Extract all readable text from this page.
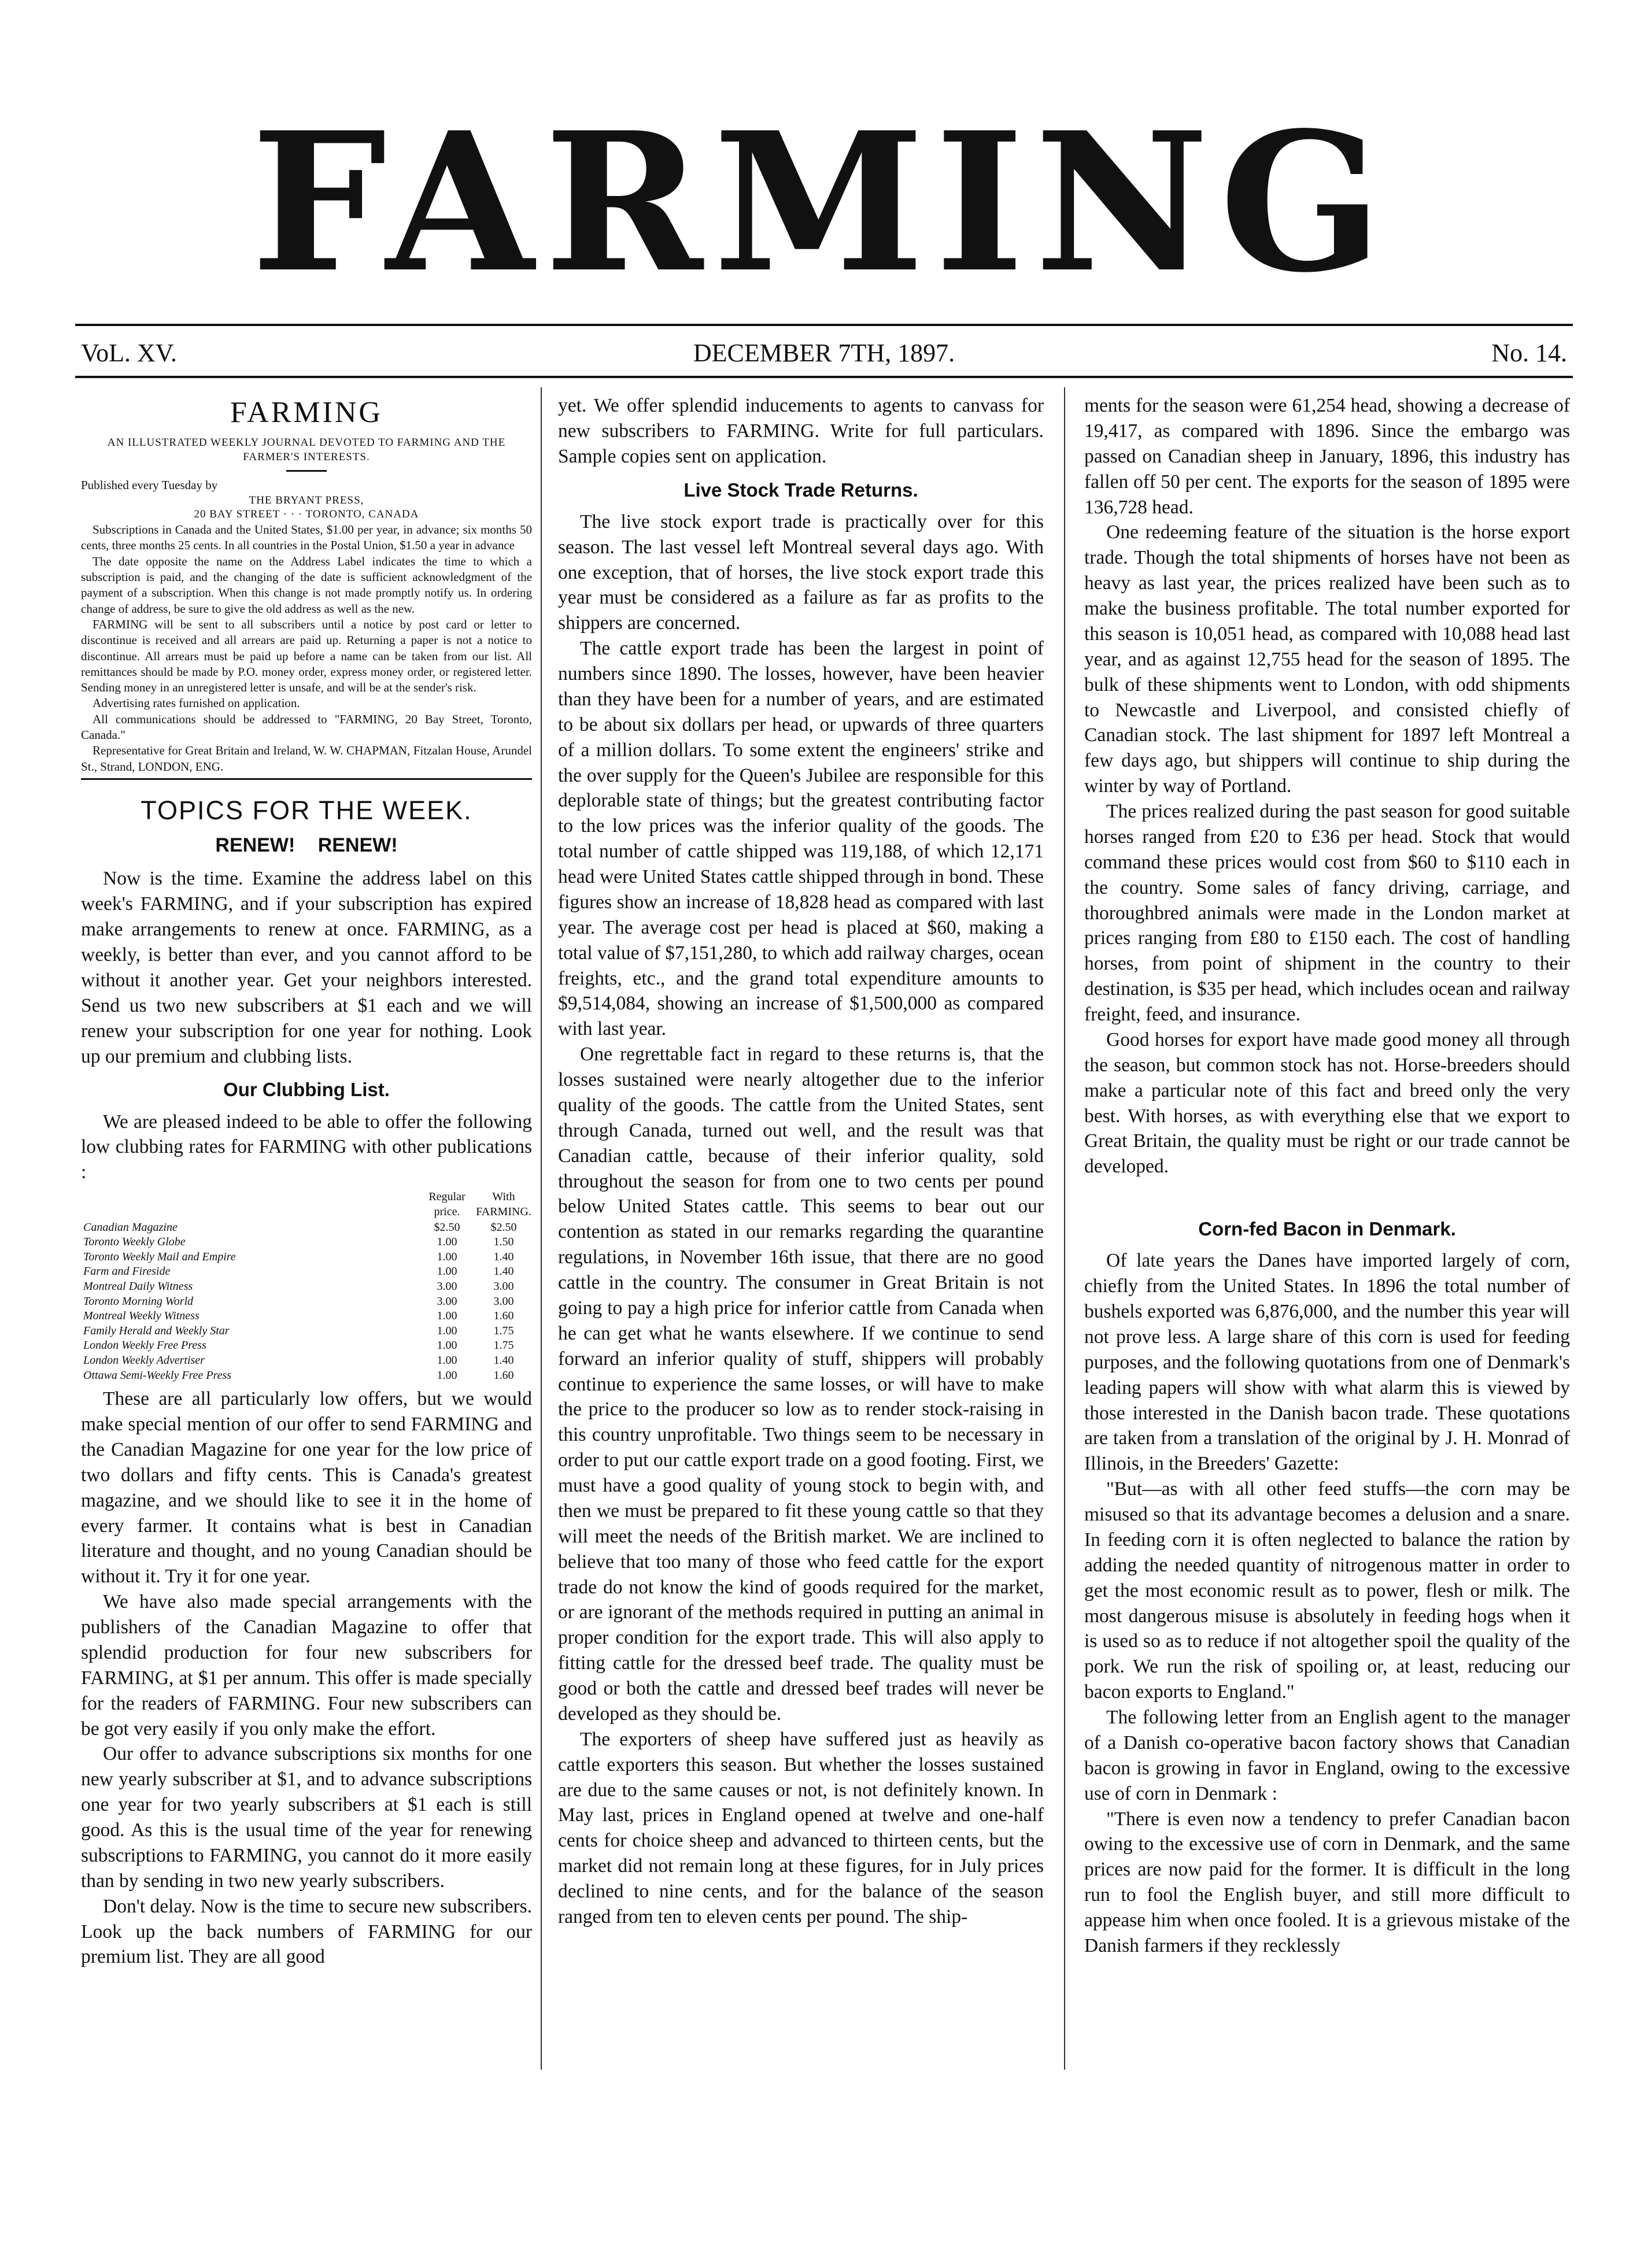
FARMING
VoL. XV.	DECEMBER 7TH, 1897.	No. 14.
FARMING

AN ILLUSTRATED WEEKLY JOURNAL DEVOTED TO FARMING AND THE FARMER'S INTERESTS.

Published every Tuesday by

THE BRYANT PRESS,

20 BAY STREET · · · TORONTO, CANADA

Subscriptions in Canada and the United States, $1.00 per year, in advance; six months 50 cents, three months 25 cents. In all countries in the Postal Union, $1.50 a year in advance

The date opposite the name on the Address Label indicates the time to which a subscription is paid, and the changing of the date is sufficient acknowledgment of the payment of a subscription. When this change is not made promptly notify us. In ordering change of address, be sure to give the old address as well as the new.

FARMING will be sent to all subscribers until a notice by post card or letter to discontinue is received and all arrears are paid up. Returning a paper is not a notice to discontinue. All arrears must be paid up before a name can be taken from our list. All remittances should be made by P.O. money order, express money order, or registered letter. Sending money in an unregistered letter is unsafe, and will be at the sender's risk.

Advertising rates furnished on application.

All communications should be addressed to "FARMING, 20 Bay Street, Toronto, Canada."

Representative for Great Britain and Ireland, W. W. CHAPMAN, Fitzalan House, Arundel St., Strand, LONDON, ENG.

TOPICS FOR THE WEEK.
RENEW! RENEW!

Now is the time. Examine the address label on this week's FARMING, and if your subscription has expired make arrangements to renew at once. FARMING, as a weekly, is better than ever, and you cannot afford to be without it another year. Get your neighbors interested. Send us two new subscribers at $1 each and we will renew your subscription for one year for nothing. Look up our premium and clubbing lists.

Our Clubbing List.

We are pleased indeed to be able to offer the following low clubbing rates for FARMING with other publications :

	Regular price.	With FARMING.
Canadian Magazine	$2.50	$2.50
Toronto Weekly Globe	1.00	1.50
Toronto Weekly Mail and Empire	1.00	1.40
Farm and Fireside	1.00	1.40
Montreal Daily Witness	3.00	3.00
Toronto Morning World	3.00	3.00
Montreal Weekly Witness	1.00	1.60
Family Herald and Weekly Star	1.00	1.75
London Weekly Free Press	1.00	1.75
London Weekly Advertiser	1.00	1.40
Ottawa Semi-Weekly Free Press	1.00	1.60

These are all particularly low offers, but we would make special mention of our offer to send FARMING and the Canadian Magazine for one year for the low price of two dollars and fifty cents. This is Canada's greatest magazine, and we should like to see it in the home of every farmer. It contains what is best in Canadian literature and thought, and no young Canadian should be without it. Try it for one year.

We have also made special arrangements with the publishers of the Canadian Magazine to offer that splendid production for four new subscribers for FARMING, at $1 per annum. This offer is made specially for the readers of FARMING. Four new subscribers can be got very easily if you only make the effort.

Our offer to advance subscriptions six months for one new yearly subscriber at $1, and to advance subscriptions one year for two yearly subscribers at $1 each is still good. As this is the usual time of the year for renewing subscriptions to FARMING, you cannot do it more easily than by sending in two new yearly subscribers.

Don't delay. Now is the time to secure new subscribers. Look up the back numbers of FARMING for our premium list. They are all good

yet. We offer splendid inducements to agents to canvass for new subscribers to FARMING. Write for full particulars. Sample copies sent on application.

Live Stock Trade Returns.

The live stock export trade is practically over for this season. The last vessel left Montreal several days ago. With one exception, that of horses, the live stock export trade this year must be considered as a failure as far as profits to the shippers are concerned.

The cattle export trade has been the largest in point of numbers since 1890. The losses, however, have been heavier than they have been for a number of years, and are estimated to be about six dollars per head, or upwards of three quarters of a million dollars. To some extent the engineers' strike and the over supply for the Queen's Jubilee are responsible for this deplorable state of things; but the greatest contributing factor to the low prices was the inferior quality of the goods. The total number of cattle shipped was 119,188, of which 12,171 head were United States cattle shipped through in bond. These figures show an increase of 18,828 head as compared with last year. The average cost per head is placed at $60, making a total value of $7,151,280, to which add railway charges, ocean freights, etc., and the grand total expenditure amounts to $9,514,084, showing an increase of $1,500,000 as compared with last year.

One regrettable fact in regard to these returns is, that the losses sustained were nearly altogether due to the inferior quality of the goods. The cattle from the United States, sent through Canada, turned out well, and the result was that Canadian cattle, because of their inferior quality, sold throughout the season for from one to two cents per pound below United States cattle. This seems to bear out our contention as stated in our remarks regarding the quarantine regulations, in November 16th issue, that there are no good cattle in the country. The consumer in Great Britain is not going to pay a high price for inferior cattle from Canada when he can get what he wants elsewhere. If we continue to send forward an inferior quality of stuff, shippers will probably continue to experience the same losses, or will have to make the price to the producer so low as to render stock-raising in this country unprofitable. Two things seem to be necessary in order to put our cattle export trade on a good footing. First, we must have a good quality of young stock to begin with, and then we must be prepared to fit these young cattle so that they will meet the needs of the British market. We are inclined to believe that too many of those who feed cattle for the export trade do not know the kind of goods required for the market, or are ignorant of the methods required in putting an animal in proper condition for the export trade. This will also apply to fitting cattle for the dressed beef trade. The quality must be good or both the cattle and dressed beef trades will never be developed as they should be.

The exporters of sheep have suffered just as heavily as cattle exporters this season. But whether the losses sustained are due to the same causes or not, is not definitely known. In May last, prices in England opened at twelve and one-half cents for choice sheep and advanced to thirteen cents, but the market did not remain long at these figures, for in July prices declined to nine cents, and for the balance of the season ranged from ten to eleven cents per pound. The ship-

ments for the season were 61,254 head, showing a decrease of 19,417, as compared with 1896. Since the embargo was passed on Canadian sheep in January, 1896, this industry has fallen off 50 per cent. The exports for the season of 1895 were 136,728 head.

One redeeming feature of the situation is the horse export trade. Though the total shipments of horses have not been as heavy as last year, the prices realized have been such as to make the business profitable. The total number exported for this season is 10,051 head, as compared with 10,088 head last year, and as against 12,755 head for the season of 1895. The bulk of these shipments went to London, with odd shipments to Newcastle and Liverpool, and consisted chiefly of Canadian stock. The last shipment for 1897 left Montreal a few days ago, but shippers will continue to ship during the winter by way of Portland.

The prices realized during the past season for good suitable horses ranged from £20 to £36 per head. Stock that would command these prices would cost from $60 to $110 each in the country. Some sales of fancy driving, carriage, and thoroughbred animals were made in the London market at prices ranging from £80 to £150 each. The cost of handling horses, from point of shipment in the country to their destination, is $35 per head, which includes ocean and railway freight, feed, and insurance.

Good horses for export have made good money all through the season, but common stock has not. Horse-breeders should make a particular note of this fact and breed only the very best. With horses, as with everything else that we export to Great Britain, the quality must be right or our trade cannot be developed.

Corn-fed Bacon in Denmark.

Of late years the Danes have imported largely of corn, chiefly from the United States. In 1896 the total number of bushels exported was 6,876,000, and the number this year will not prove less. A large share of this corn is used for feeding purposes, and the following quotations from one of Denmark's leading papers will show with what alarm this is viewed by those interested in the Danish bacon trade. These quotations are taken from a translation of the original by J. H. Monrad of Illinois, in the Breeders' Gazette:

"But—as with all other feed stuffs—the corn may be misused so that its advantage becomes a delusion and a snare. In feeding corn it is often neglected to balance the ration by adding the needed quantity of nitrogenous matter in order to get the most economic result as to power, flesh or milk. The most dangerous misuse is absolutely in feeding hogs when it is used so as to reduce if not altogether spoil the quality of the pork. We run the risk of spoiling or, at least, reducing our bacon exports to England."

The following letter from an English agent to the manager of a Danish co-operative bacon factory shows that Canadian bacon is growing in favor in England, owing to the excessive use of corn in Denmark :

"There is even now a tendency to prefer Canadian bacon owing to the excessive use of corn in Denmark, and the same prices are now paid for the former. It is difficult in the long run to fool the English buyer, and still more difficult to appease him when once fooled. It is a grievous mistake of the Danish farmers if they recklessly
